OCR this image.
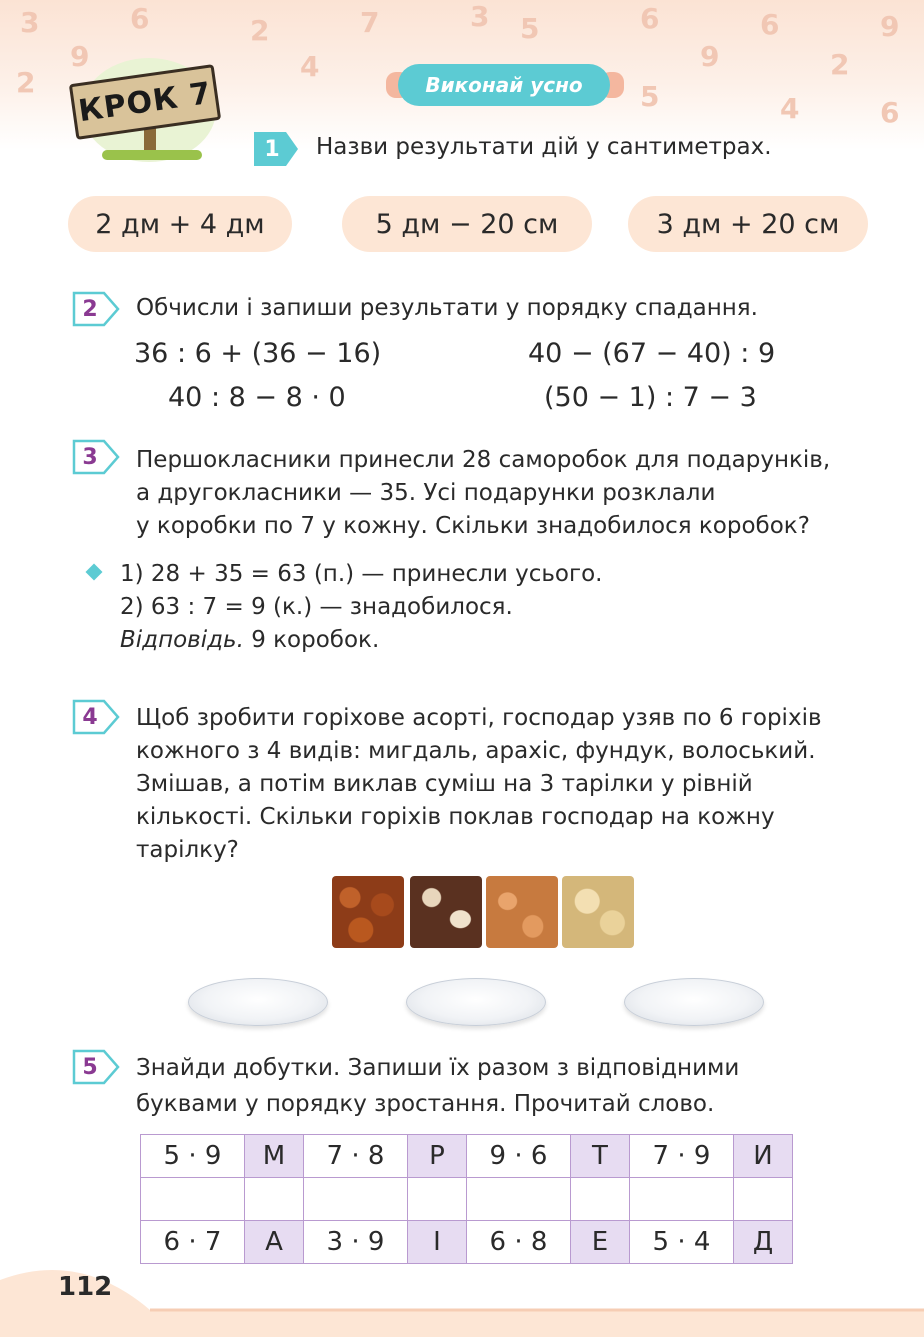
3
9
6	2
4
7	3 5	6
9
6
2
9
2	5	4	6
КРОК 7	Виконай усно
1	Назви результати дій у сантиметрах.
2 дм + 4 дм	5 дм − 20 см	3 дм + 20 см
2	Обчисли і запиши результати у порядку спадання.
36 : 6 + (36 − 16)	40 − (67 − 40) : 9
40 : 8 − 8 · 0	(50 − 1) : 7 − 3
3	Першокласники принесли 28 саморобок для подарунків,
а другокласники — 35. Усі подарунки розклали
у коробки по 7 у кожну. Скільки знадобилося коробок?
1) 28 + 35 = 63 (п.) — принесли усього.
2) 63 : 7 = 9 (к.) — знадобилося.
Відповідь. 9 коробок.
4	Щоб зробити горіхове асорті, господар узяв по 6 горіхів
кожного з 4 видів: мигдаль, арахіс, фундук, волоський.
Змішав, а потім виклав суміш на 3 тарілки у рівній
кількості. Скільки горіхів поклав господар на кожну
тарілку?
5	Знайди добутки. Запиши їх разом з відповідними
буквами у порядку зростання. Прочитай слово.
5 · 9	М	7 · 8	Р	9 · 6	Т	7 · 9	И

6 · 7	А	3 · 9	І	6 · 8	Е	5 · 4	Д
112
